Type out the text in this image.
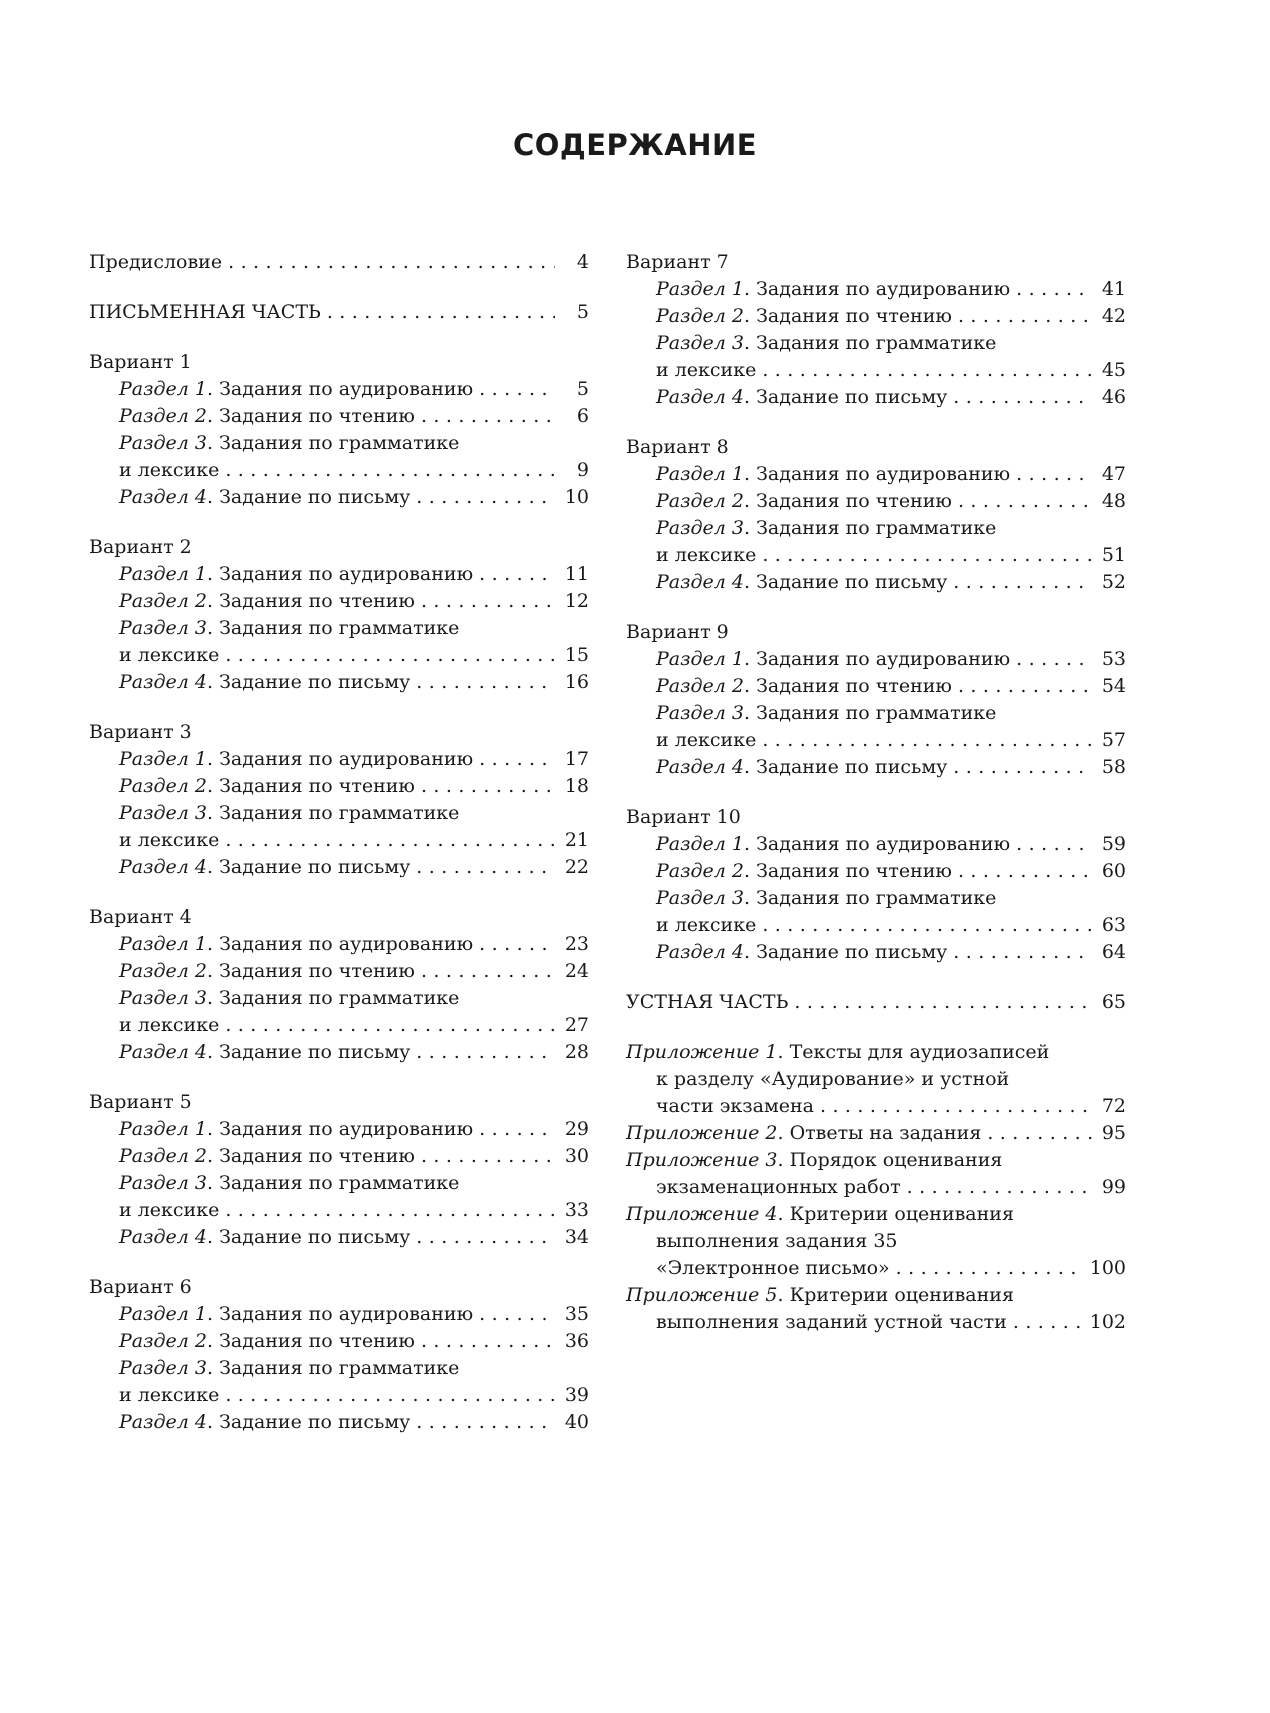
СОДЕРЖАНИЕ
Предисловие . . .	4
ПИСЬМЕННАЯ ЧАСТЬ . . .	5
Вариант 1
Раздел 1. Задания по аудированию . . .	5
Раздел 2. Задания по чтению . . .	6
Раздел 3. Задания по грамматике
и лексике . . .	9
Раздел 4. Задание по письму . . .	10
Вариант 2
Раздел 1. Задания по аудированию . . .	11
Раздел 2. Задания по чтению . . .	12
Раздел 3. Задания по грамматике
и лексике . . .	15
Раздел 4. Задание по письму . . .	16
Вариант 3
Раздел 1. Задания по аудированию . . .	17
Раздел 2. Задания по чтению . . .	18
Раздел 3. Задания по грамматике
и лексике . . .	21
Раздел 4. Задание по письму . . .	22
Вариант 4
Раздел 1. Задания по аудированию . . .	23
Раздел 2. Задания по чтению . . .	24
Раздел 3. Задания по грамматике
и лексике . . .	27
Раздел 4. Задание по письму . . .	28
Вариант 5
Раздел 1. Задания по аудированию . . .	29
Раздел 2. Задания по чтению . . .	30
Раздел 3. Задания по грамматике
и лексике . . .	33
Раздел 4. Задание по письму . . .	34
Вариант 6
Раздел 1. Задания по аудированию . . .	35
Раздел 2. Задания по чтению . . .	36
Раздел 3. Задания по грамматике
и лексике . . .	39
Раздел 4. Задание по письму . . .	40
Вариант 7
Раздел 1. Задания по аудированию . . .	41
Раздел 2. Задания по чтению . . .	42
Раздел 3. Задания по грамматике
и лексике . . .	45
Раздел 4. Задание по письму . . .	46
Вариант 8
Раздел 1. Задания по аудированию . . .	47
Раздел 2. Задания по чтению . . .	48
Раздел 3. Задания по грамматике
и лексике . . .	51
Раздел 4. Задание по письму . . .	52
Вариант 9
Раздел 1. Задания по аудированию . . .	53
Раздел 2. Задания по чтению . . .	54
Раздел 3. Задания по грамматике
и лексике . . .	57
Раздел 4. Задание по письму . . .	58
Вариант 10
Раздел 1. Задания по аудированию . . .	59
Раздел 2. Задания по чтению . . .	60
Раздел 3. Задания по грамматике
и лексике . . .	63
Раздел 4. Задание по письму . . .	64
УСТНАЯ ЧАСТЬ . . .	65
Приложение 1. Тексты для аудиозаписей
к разделу «Аудирование» и устной
части экзамена . . .	72
Приложение 2. Ответы на задания . . .	95
Приложение 3. Порядок оценивания
экзаменационных работ . . .	99
Приложение 4. Критерии оценивания
выполнения задания 35
«Электронное письмо» . . .	100
Приложение 5. Критерии оценивания
выполнения заданий устной части . . .	102
